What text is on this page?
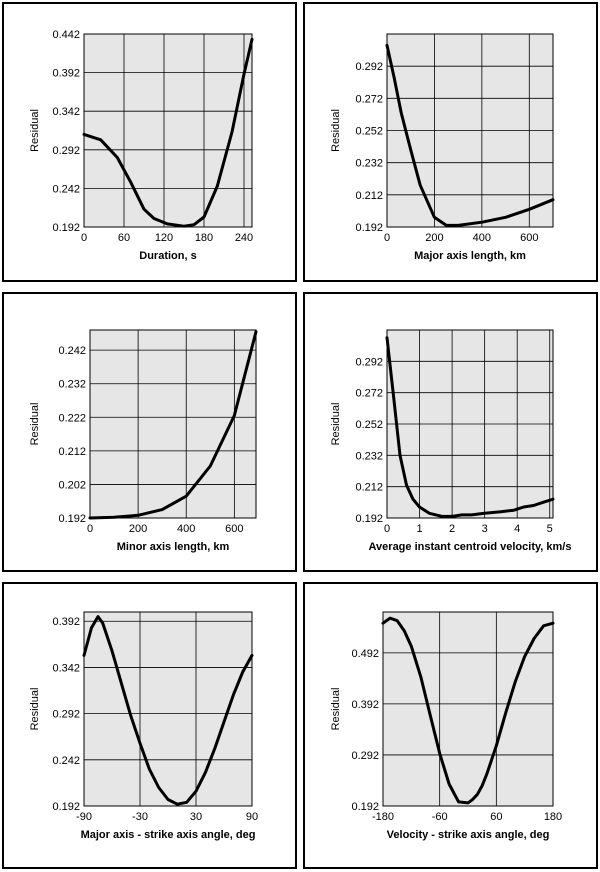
0	60 120 180 240
0.192
0.242
0.292
0.342
0.392
0.442
Duration, s
Residual
0	200	400	600
0.192
0.212
0.232
0.252
0.272
0.292
Major axis length, km
Residual
0	200	400	600
0.192
0.202
0.212
0.222
0.232
0.242
Minor axis length, km
Residual
0 1 2 3 4 5
0.192
0.212
0.232
0.252
0.272
0.292
Average instant centroid velocity, km/s
Residual
-90	-30	30	90
0.192
0.242
0.292
0.342
0.392
Major axis - strike axis angle, deg
Residual
-180	-60	60	180
0.192
0.292
0.392
0.492
Velocity - strike axis angle, deg
Residual
